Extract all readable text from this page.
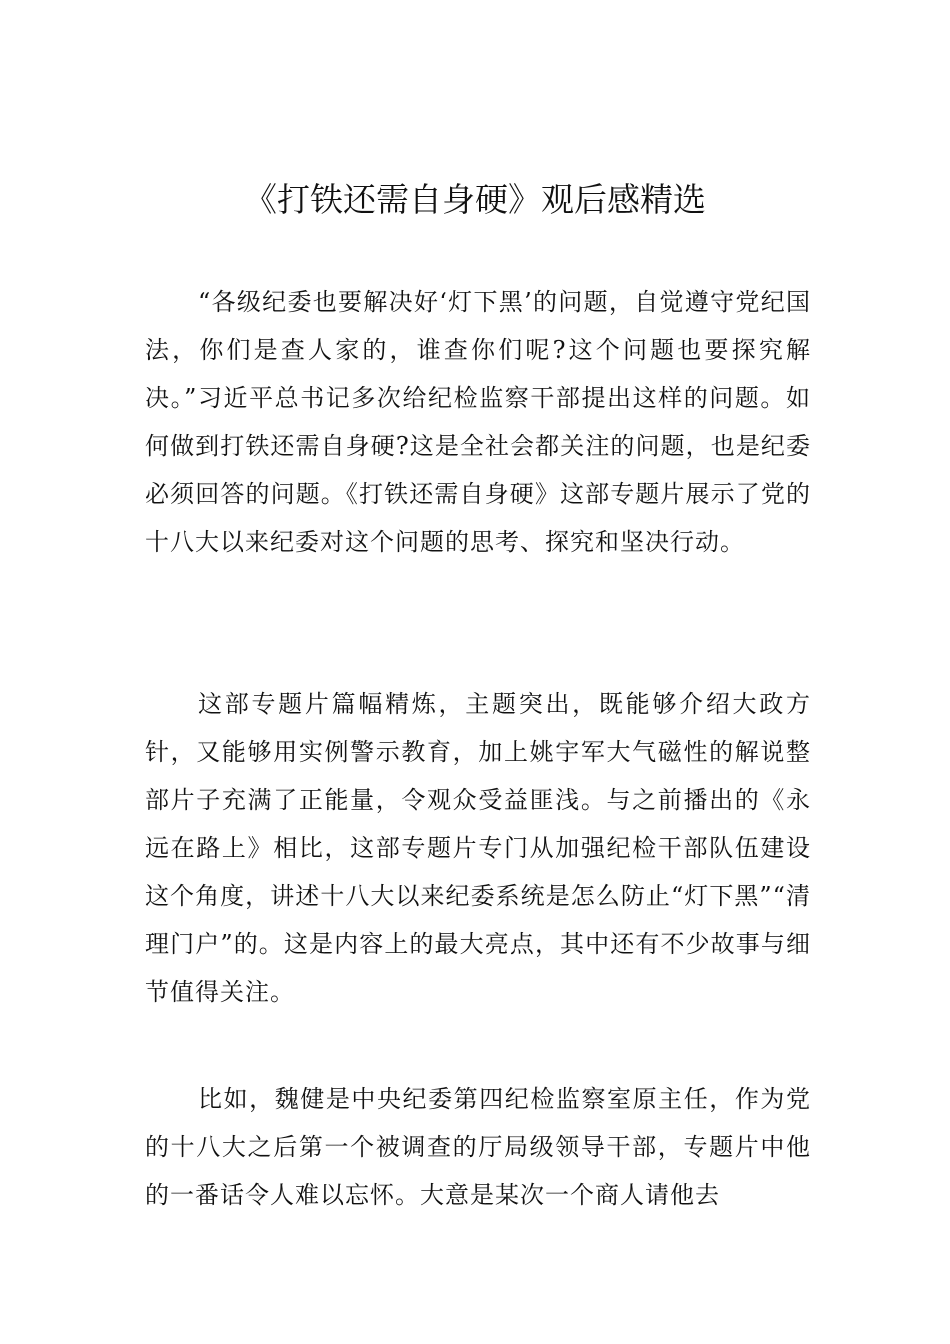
《打铁还需自身硬》观后感精选

“各级纪委也要解决好‘灯下黑’的问题，自觉遵守党纪国法，你们是查人家的，谁查你们呢?这个问题也要探究解决。”习近平总书记多次给纪检监察干部提出这样的问题。如何做到打铁还需自身硬?这是全社会都关注的问题，也是纪委必须回答的问题。《打铁还需自身硬》这部专题片展示了党的十八大以来纪委对这个问题的思考、探究和坚决行动。

这部专题片篇幅精炼，主题突出，既能够介绍大政方针，又能够用实例警示教育，加上姚宇军大气磁性的解说整部片子充满了正能量，令观众受益匪浅。与之前播出的《永远在路上》相比，这部专题片专门从加强纪检干部队伍建设这个角度，讲述十八大以来纪委系统是怎么防止“灯下黑”“清理门户”的。这是内容上的最大亮点，其中还有不少故事与细节值得关注。

比如，魏健是中央纪委第四纪检监察室原主任，作为党的十八大之后第一个被调查的厅局级领导干部，专题片中他的一番话令人难以忘怀。大意是某次一个商人请他去
